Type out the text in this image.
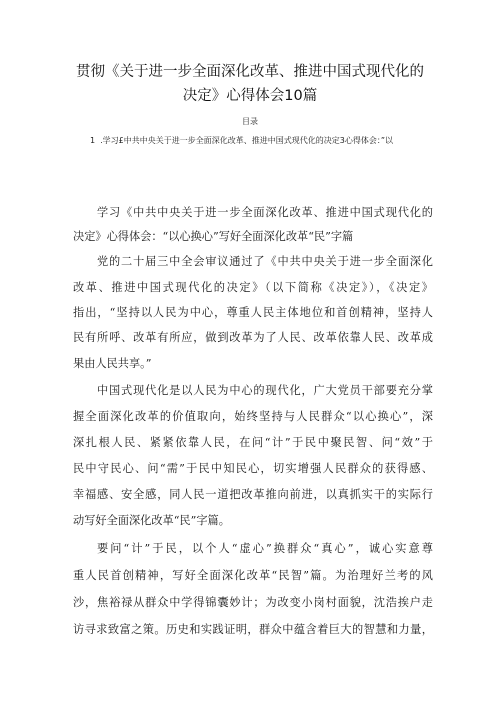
贯彻《关于进一步全面深化改革、推进中国式现代化的
决定》心得体会10篇
目录
1 .学习£中共中央关于进一步全面深化改革、推进中国式现代化的决定3心得体会：”以
学习《中共中央关于进一步全面深化改革、推进中国式现代化的
决定》心得体会：“以心换心”写好全面深化改革“民”字篇
党的二十届三中全会审议通过了《中共中央关于进一步全面深化
改革、推进中国式现代化的决定》（以下简称《决定》），《决定》
指出，“坚持以人民为中心，尊重人民主体地位和首创精神，坚持人
民有所呼、改革有所应，做到改革为了人民、改革依靠人民、改革成
果由人民共享。”
中国式现代化是以人民为中心的现代化，广大党员干部要充分掌
握全面深化改革的价值取向，始终坚持与人民群众“以心换心”，深
深扎根人民、紧紧依靠人民，在问“计”于民中聚民智、问“效”于
民中守民心、问“需”于民中知民心，切实增强人民群众的获得感、
幸福感、安全感，同人民一道把改革推向前进，以真抓实干的实际行
动写好全面深化改革“民”字篇。
要问“计”于民，以个人“虚心”换群众“真心”，诚心实意尊
重人民首创精神，写好全面深化改革“民智”篇。为治理好兰考的风
沙，焦裕禄从群众中学得锦囊妙计；为改变小岗村面貌，沈浩挨户走
访寻求致富之策。历史和实践证明，群众中蕴含着巨大的智慧和力量，
